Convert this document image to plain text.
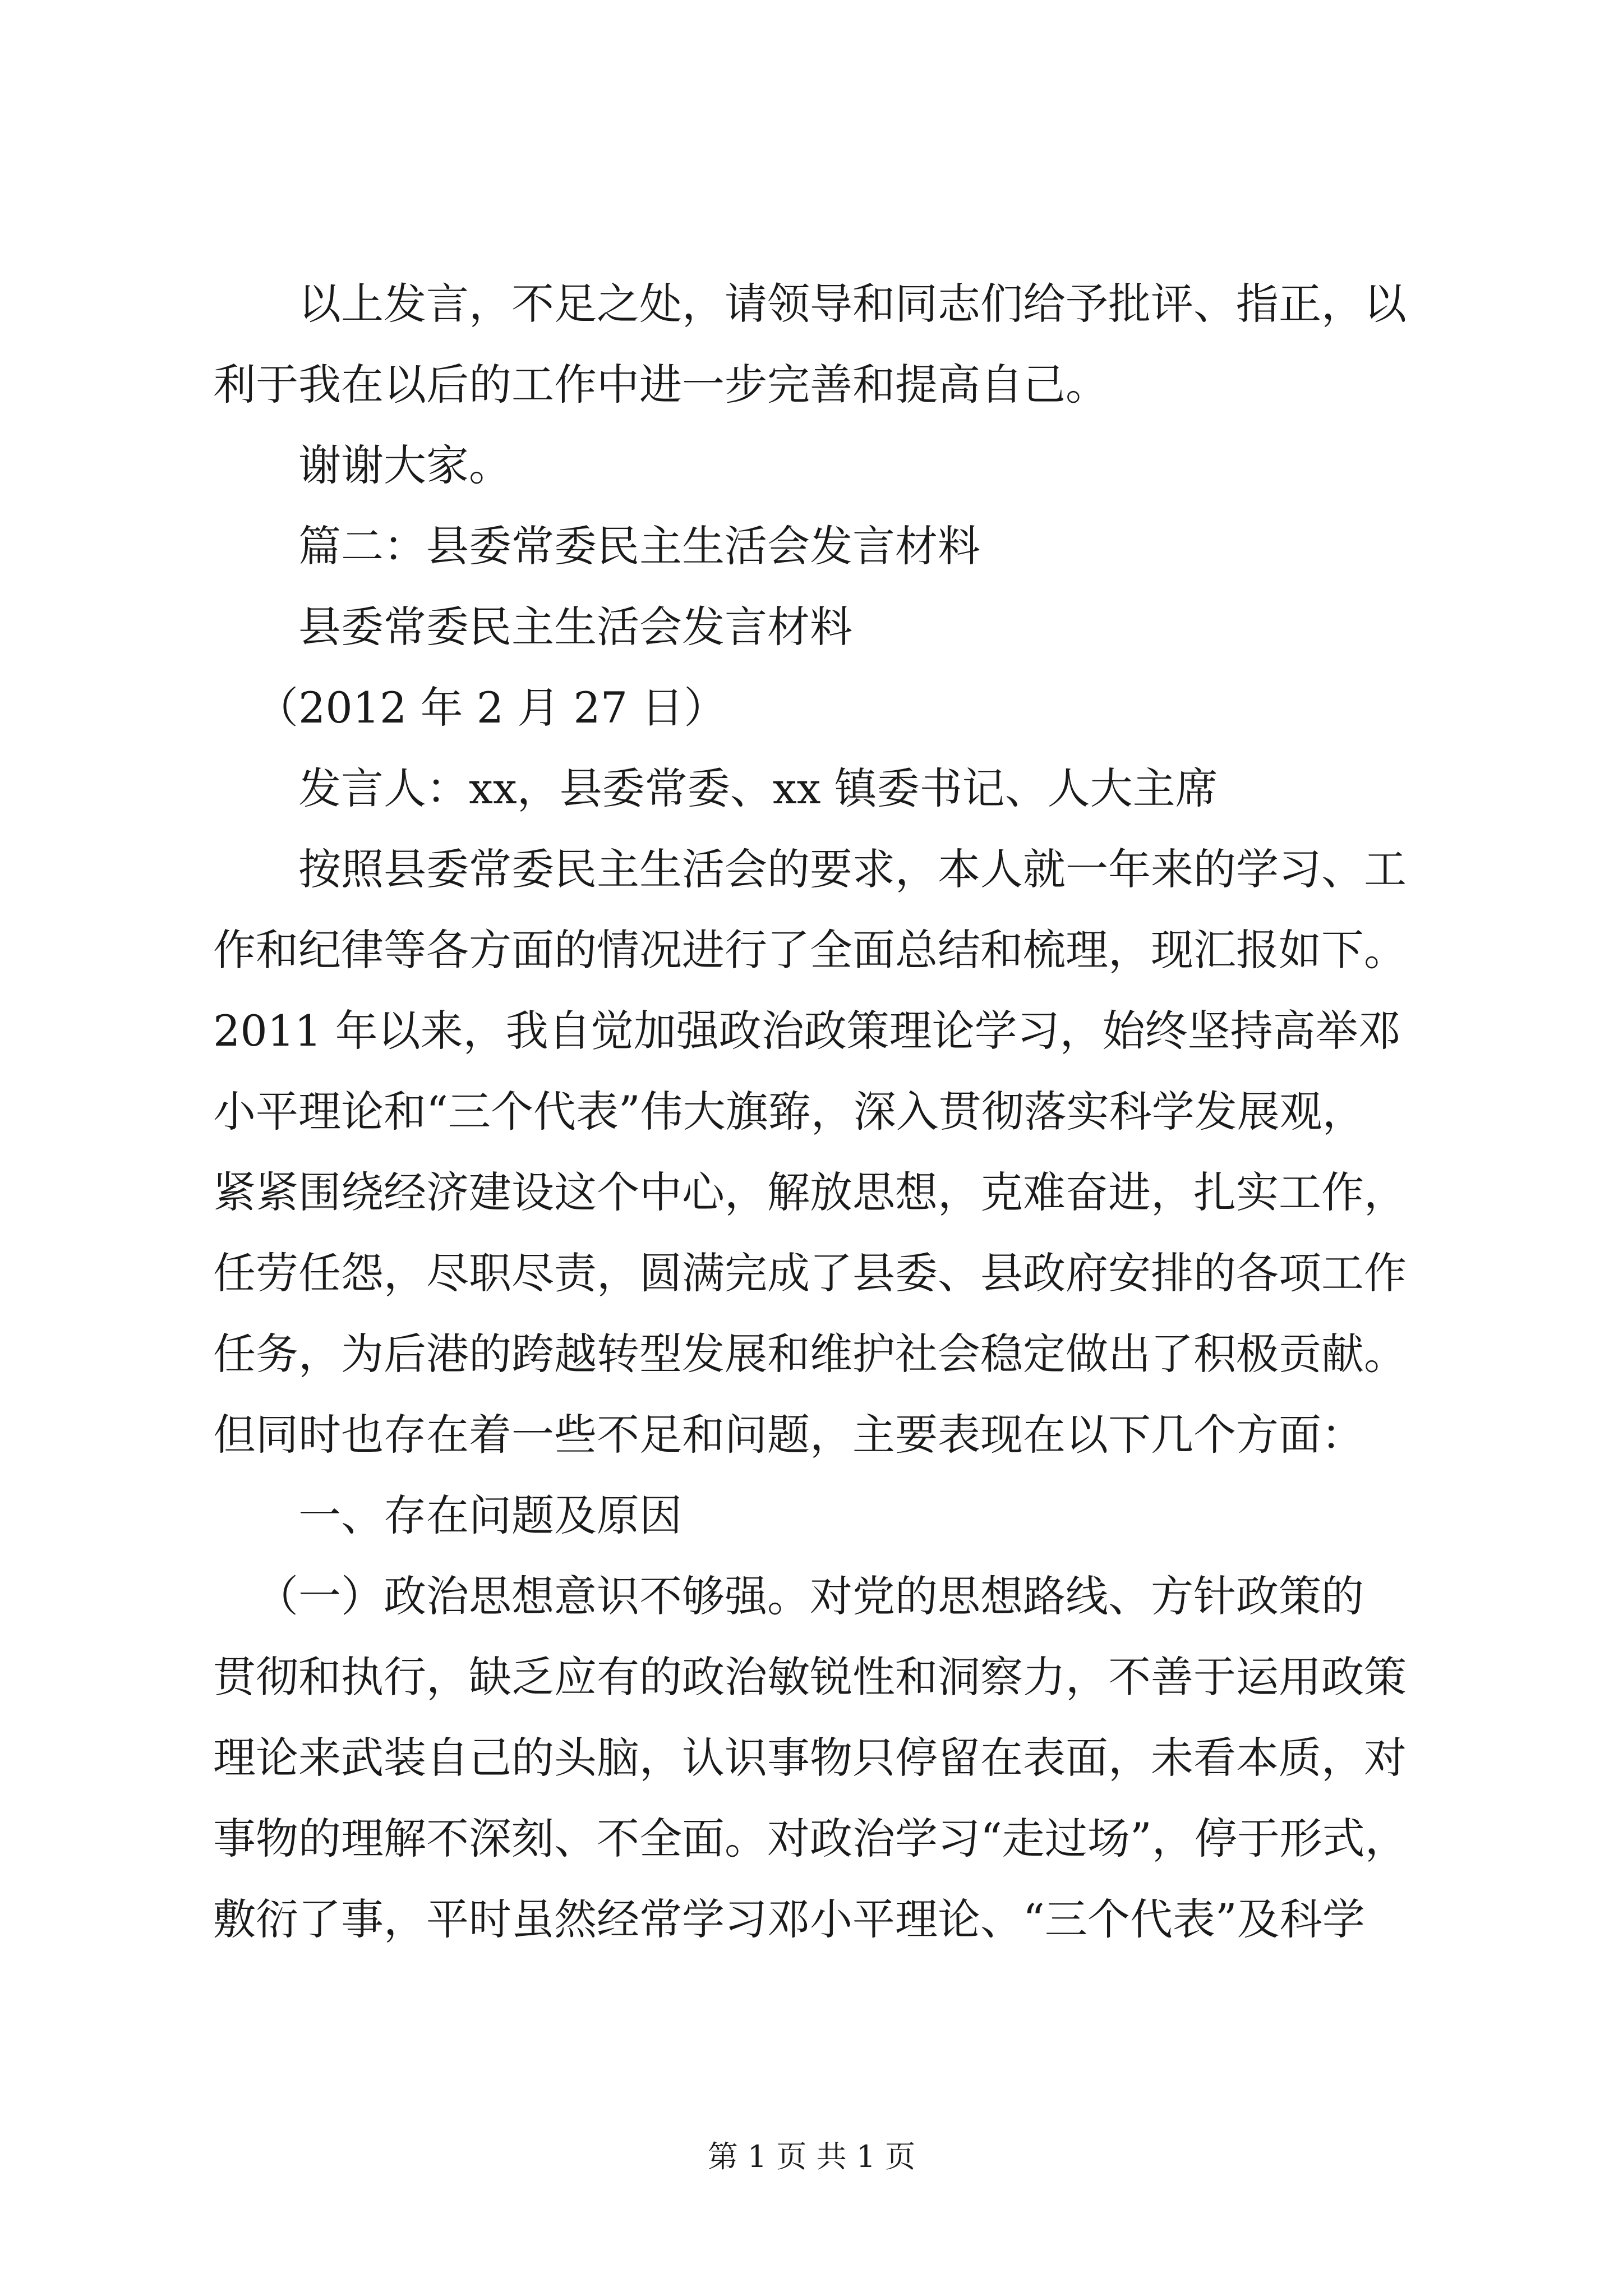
以上发言，不足之处，请领导和同志们给予批评、指正，以
利于我在以后的工作中进一步完善和提高自己。
谢谢大家。
篇二：县委常委民主生活会发言材料
县委常委民主生活会发言材料
（2012 年 2 月 27 日）
发言人：xx，县委常委、xx 镇委书记、人大主席
按照县委常委民主生活会的要求，本人就一年来的学习、工
作和纪律等各方面的情况进行了全面总结和梳理，现汇报如下。
2011 年以来，我自觉加强政治政策理论学习，始终坚持高举邓
小平理论和“三个代表”伟大旗臶，深入贯彻落实科学发展观，
紧紧围绕经济建设这个中心，解放思想，克难奋进，扎实工作，
任劳任怨，尽职尽责，圆满完成了县委、县政府安排的各项工作
任务，为后港的跨越转型发展和维护社会稳定做出了积极贡献。
但同时也存在着一些不足和问题，主要表现在以下几个方面：
一、存在问题及原因
（一）政治思想意识不够强。对党的思想路线、方针政策的
贯彻和执行，缺乏应有的政治敏锐性和洞察力，不善于运用政策
理论来武装自己的头脑，认识事物只停留在表面，未看本质，对
事物的理解不深刻、不全面。对政治学习“走过场”，停于形式，
敷衍了事，平时虽然经常学习邓小平理论、“三个代表”及科学
第 1 页 共 1 页
